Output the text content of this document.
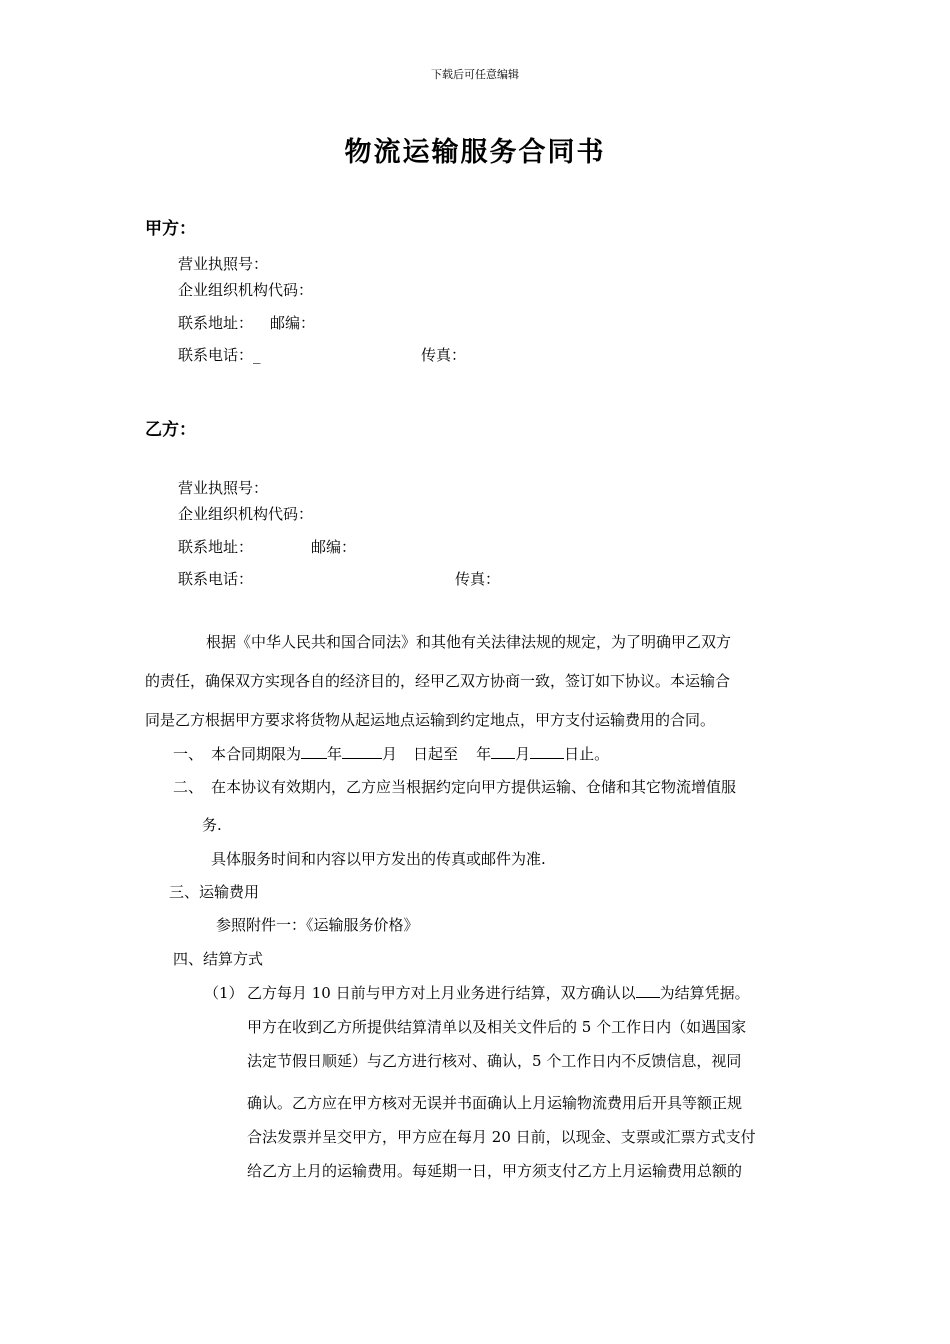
下载后可任意编辑
物流运输服务合同书
甲方：
营业执照号：
企业组织机构代码：
联系地址： 邮编：
联系电话：_	传真：
乙方：
营业执照号：
企业组织机构代码：
联系地址：	邮编：
联系电话：	传真：
根据《中华人民共和国合同法》和其他有关法律法规的规定，为了明确甲乙双方
的责任，确保双方实现各自的经济目的，经甲乙双方协商一致，签订如下协议。本运输合
同是乙方根据甲方要求将货物从起运地点运输到约定地点，甲方支付运输费用的合同。
一、 本合同期限为 年	月 日起至 年 月 日止。
二、 在本协议有效期内，乙方应当根据约定向甲方提供运输、仓储和其它物流增值服
务.
具体服务时间和内容以甲方发出的传真或邮件为准.
三、运输费用
参照附件一：《运输服务价格》
四、结算方式
（1） 乙方每月 10 日前与甲方对上月业务进行结算，双方确认以 为结算凭据。
甲方在收到乙方所提供结算清单以及相关文件后的 5 个工作日内（如遇国家
法定节假日顺延）与乙方进行核对、确认，5 个工作日内不反馈信息，视同
确认。乙方应在甲方核对无误并书面确认上月运输物流费用后开具等额正规
合法发票并呈交甲方，甲方应在每月 20 日前，以现金、支票或汇票方式支付
给乙方上月的运输费用。每延期一日，甲方须支付乙方上月运输费用总额的
